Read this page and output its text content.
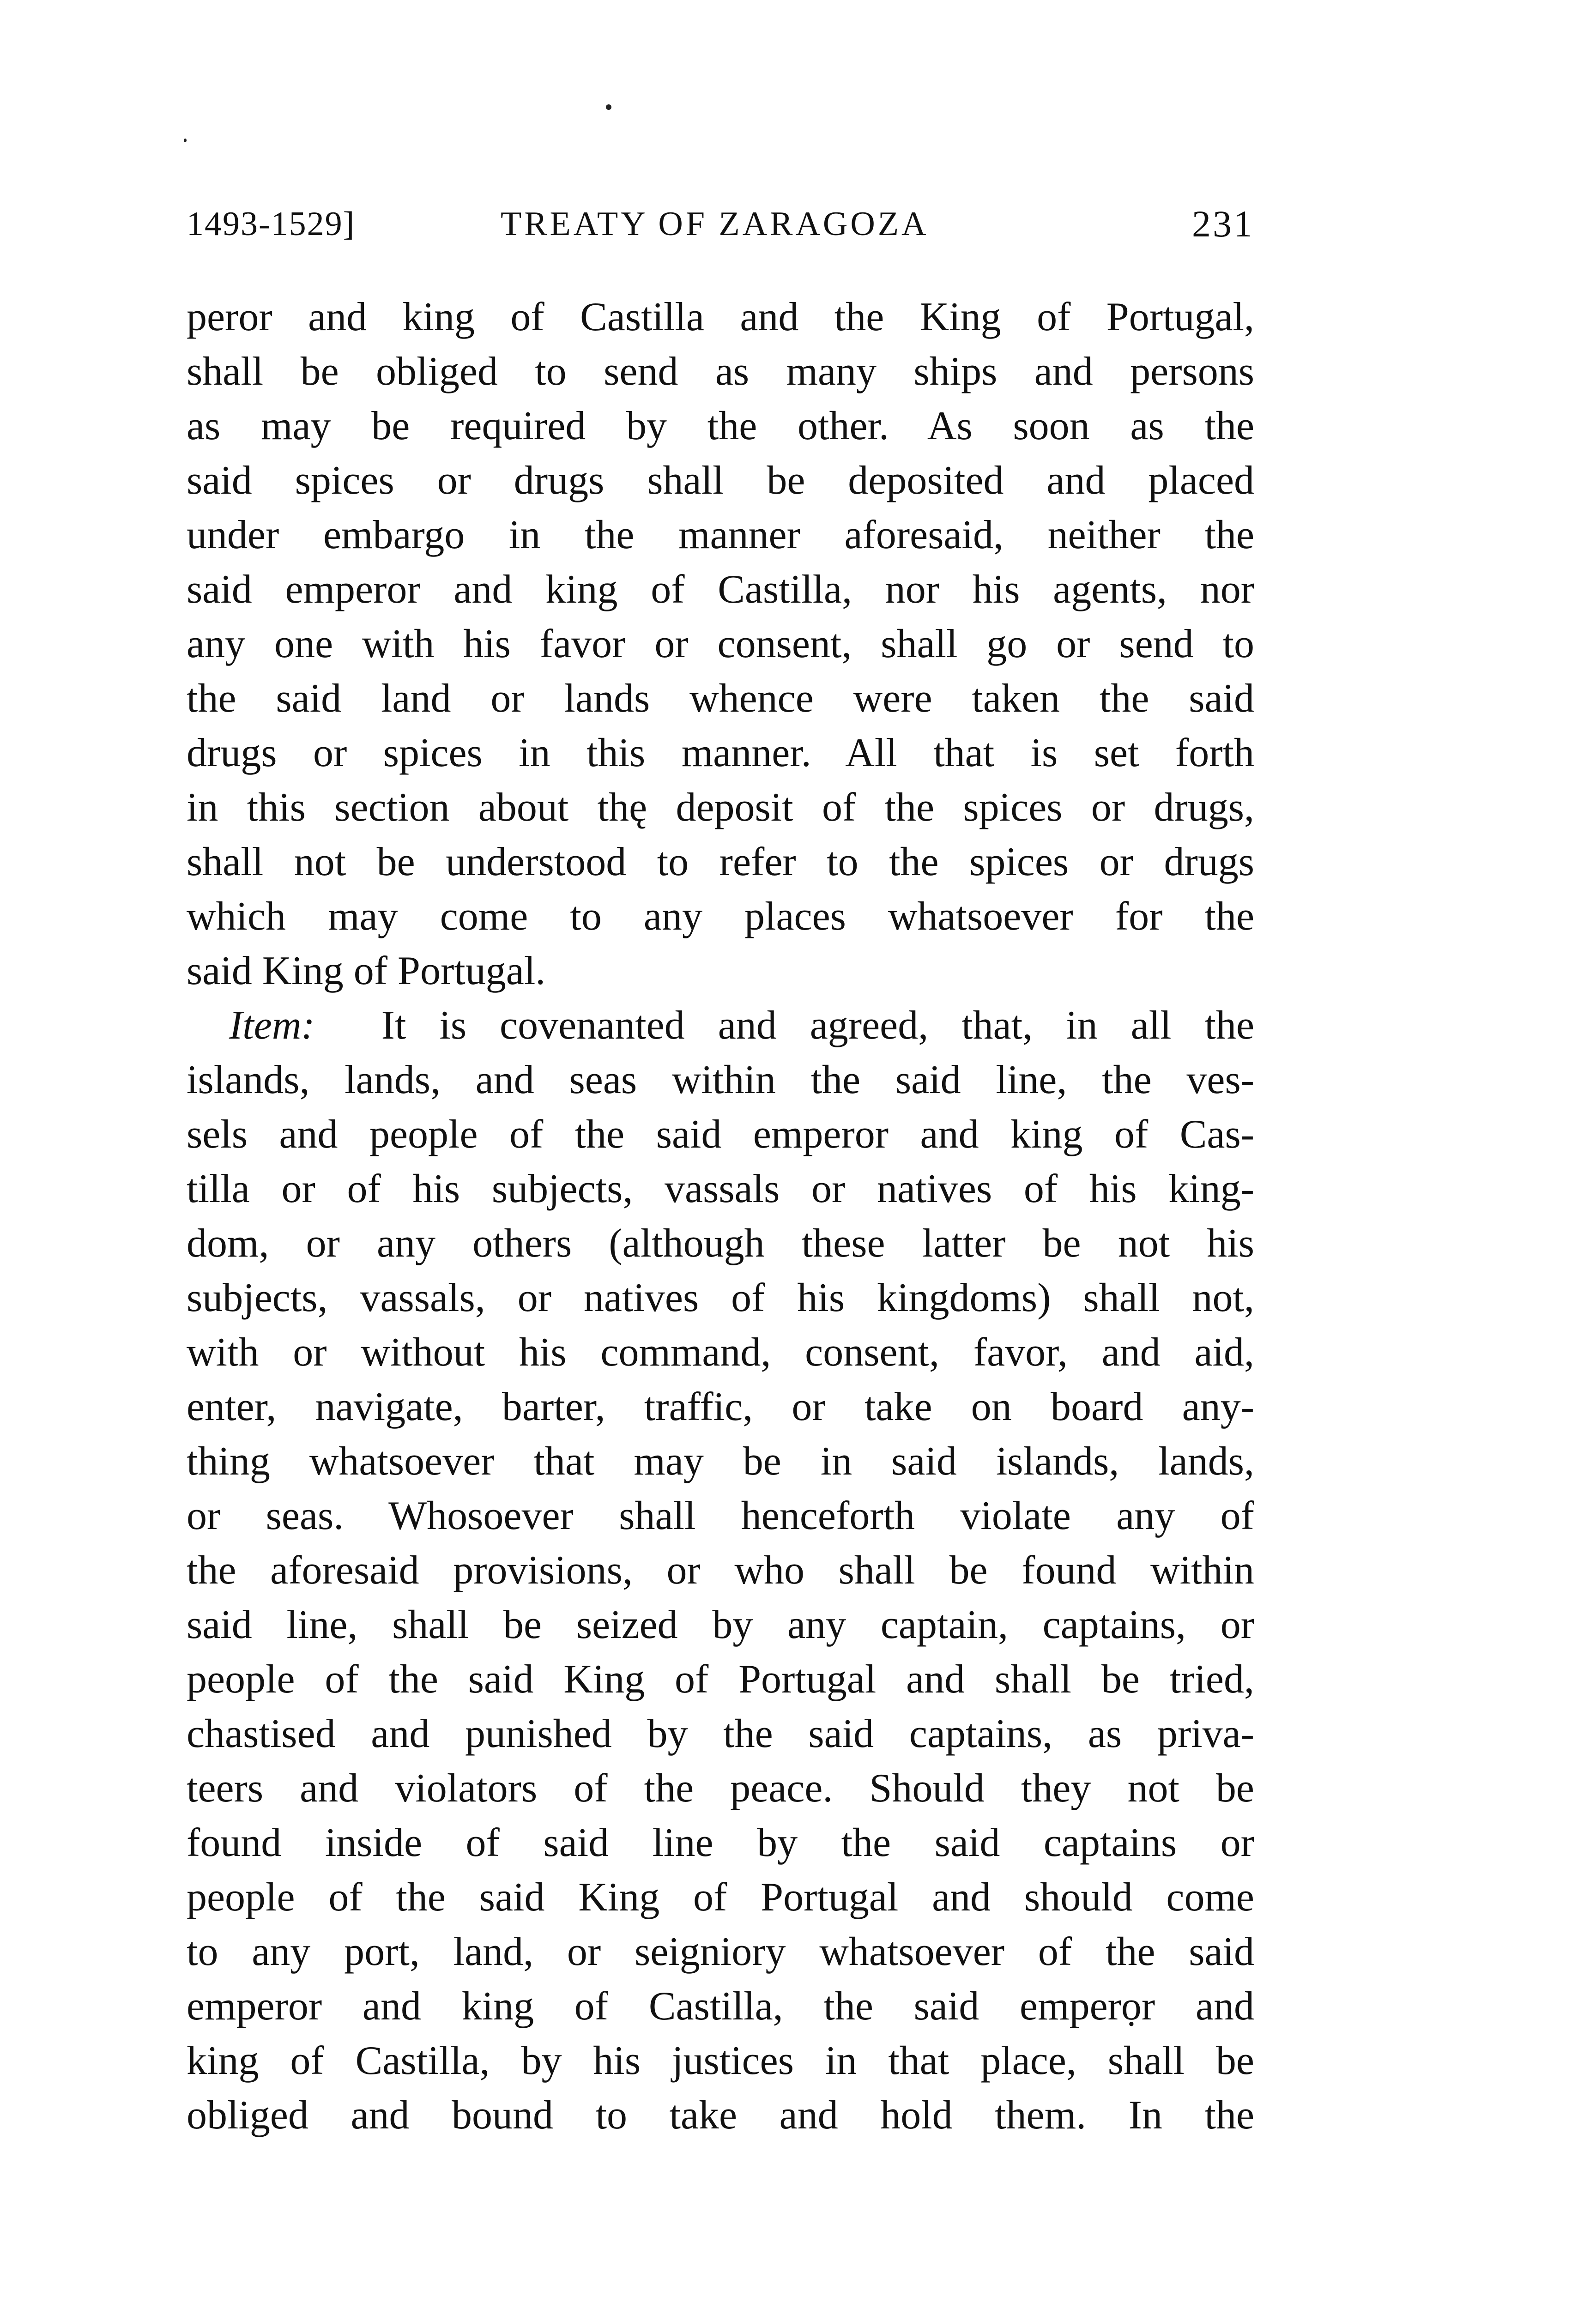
1493-1529]	TREATY OF ZARAGOZA	231
peror and king of Castilla and the King of Portugal,
shall be obliged to send as many ships and persons
as may be required by the other. As soon as the
said spices or drugs shall be deposited and placed
under embargo in the manner aforesaid, neither the
said emperor and king of Castilla, nor his agents, nor
any one with his favor or consent, shall go or send to
the said land or lands whence were taken the said
drugs or spices in this manner. All that is set forth
in this section about thę deposit of the spices or drugs,
shall not be understood to refer to the spices or drugs
which may come to any places whatsoever for the
said King of Portugal.
Item: It is covenanted and agreed, that, in all the
islands, lands, and seas within the said line, the ves-
sels and people of the said emperor and king of Cas-
tilla or of his subjects, vassals or natives of his king-
dom, or any others (although these latter be not his
subjects, vassals, or natives of his kingdoms) shall not,
with or without his command, consent, favor, and aid,
enter, navigate, barter, traffic, or take on board any-
thing whatsoever that may be in said islands, lands,
or seas. Whosoever shall henceforth violate any of
the aforesaid provisions, or who shall be found within
said line, shall be seized by any captain, captains, or
people of the said King of Portugal and shall be tried,
chastised and punished by the said captains, as priva-
teers and violators of the peace. Should they not be
found inside of said line by the said captains or
people of the said King of Portugal and should come
to any port, land, or seigniory whatsoever of the said
emperor and king of Castilla, the said emperọr and
king of Castilla, by his justices in that place, shall be
obliged and bound to take and hold them. In the
